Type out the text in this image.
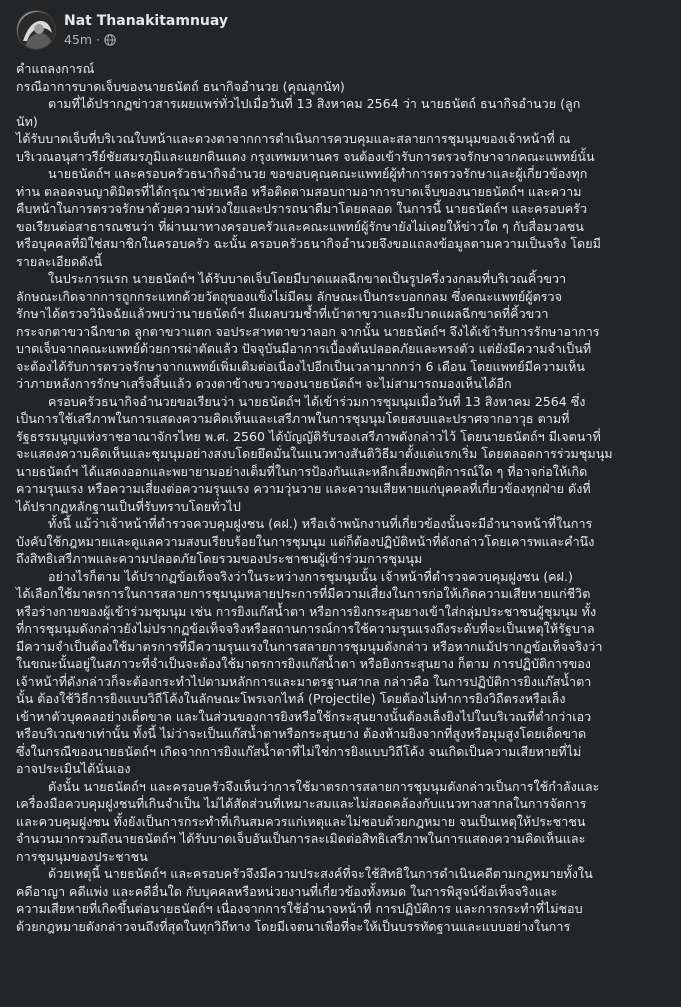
Nat Thanakitamnuay
45m ·

คำแถลงการณ์

กรณีอาการบาดเจ็บของนายธนัตถ์ ธนากิจอำนวย (คุณลูกนัท)

ตามที่ได้ปรากฏข่าวสารเผยแพร่ทั่วไปเมื่อวันที่ 13 สิงหาคม 2564 ว่า นายธนัตถ์ ธนากิจอำนวย (ลูก

นัท)

ได้รับบาดเจ็บที่บริเวณใบหน้าและดวงตาจากการดำเนินการควบคุมและสลายการชุมนุมของเจ้าหน้าที่ ณ

บริเวณอนุสาวรีย์ชัยสมรภูมิและแยกดินแดง กรุงเทพมหานคร จนต้องเข้ารับการตรวจรักษาจากคณะแพทย์นั้น

นายธนัตถ์ฯ และครอบครัวธนากิจอำนวย ขอขอบคุณคณะแพทย์ผู้ทำการตรวจรักษาและผู้เกี่ยวข้องทุก

ท่าน ตลอดจนญาติมิตรที่ได้กรุณาช่วยเหลือ หรือติดตามสอบถามอาการบาดเจ็บของนายธนัตถ์ฯ และความ

คืบหน้าในการตรวจรักษาด้วยความห่วงใยและปรารถนาดีมาโดยตลอด ในการนี้ นายธนัตถ์ฯ และครอบครัว

ขอเรียนต่อสาธารณชนว่า ที่ผ่านมาทางครอบครัวและคณะแพทย์ผู้รักษายังไม่เคยให้ข่าวใด ๆ กับสื่อมวลชน

หรือบุคคลที่มิใช่สมาชิกในครอบครัว ฉะนั้น ครอบครัวธนากิจอำนวยจึงขอแถลงข้อมูลตามความเป็นจริง โดยมี

รายละเอียดดังนี้

ในประการแรก นายธนัตถ์ฯ ได้รับบาดเจ็บโดยมีบาดแผลฉีกขาดเป็นรูปครึ่งวงกลมที่บริเวณคิ้วขวา

ลักษณะเกิดจากการถูกกระแทกด้วยวัตถุของแข็งไม่มีคม ลักษณะเป็นกระบอกกลม ซึ่งคณะแพทย์ผู้ตรวจ

รักษาได้ตรวจวินิจฉัยแล้วพบว่านายธนัตถ์ฯ มีแผลบวมช้ำที่เบ้าตาขวาและมีบาดแผลฉีกขาดที่คิ้วขวา

กระจกตาขวาฉีกขาด ลูกตาขวาแตก จอประสาทตาขวาลอก จากนั้น นายธนัตถ์ฯ จึงได้เข้ารับการรักษาอาการ

บาดเจ็บจากคณะแพทย์ด้วยการผ่าตัดแล้ว ปัจจุบันมีอาการเบื้องต้นปลอดภัยและทรงตัว แต่ยังมีความจำเป็นที่

จะต้องได้รับการตรวจรักษาจากแพทย์เพิ่มเติมต่อเนื่องไปอีกเป็นเวลามากกว่า 6 เดือน โดยแพทย์มีความเห็น

ว่าภายหลังการรักษาเสร็จสิ้นแล้ว ดวงตาข้างขวาของนายธนัตถ์ฯ จะไม่สามารถมองเห็นได้อีก

ครอบครัวธนากิจอำนวยขอเรียนว่า นายธนัตถ์ฯ ได้เข้าร่วมการชุมนุมเมื่อวันที่ 13 สิงหาคม 2564 ซึ่ง

เป็นการใช้เสรีภาพในการแสดงความคิดเห็นและเสรีภาพในการชุมนุมโดยสงบและปราศจากอาวุธ ตามที่

รัฐธรรมนูญแห่งราชอาณาจักรไทย พ.ศ. 2560 ได้บัญญัติรับรองเสรีภาพดังกล่าวไว้ โดยนายธนัตถ์ฯ มีเจตนาที่

จะแสดงความคิดเห็นและชุมนุมอย่างสงบโดยยึดมั่นในแนวทางสันติวิธีมาตั้งแต่แรกเริ่ม โดยตลอดการร่วมชุมนุม

นายธนัตถ์ฯ ได้แสดงออกและพยายามอย่างเต็มที่ในการป้องกันและหลีกเลี่ยงพฤติการณ์ใด ๆ ที่อาจก่อให้เกิด

ความรุนแรง หรือความเสี่ยงต่อความรุนแรง ความวุ่นวาย และความเสียหายแก่บุคคลที่เกี่ยวข้องทุกฝ่าย ดังที่

ได้ปรากฏหลักฐานเป็นที่รับทราบโดยทั่วไป

ทั้งนี้ แม้ว่าเจ้าหน้าที่ตำรวจควบคุมฝูงชน (คฝ.) หรือเจ้าพนักงานที่เกี่ยวข้องนั้นจะมีอำนาจหน้าที่ในการ

บังคับใช้กฎหมายและดูแลความสงบเรียบร้อยในการชุมนุม แต่ก็ต้องปฏิบัติหน้าที่ดังกล่าวโดยเคารพและคำนึง

ถึงสิทธิเสรีภาพและความปลอดภัยโดยรวมของประชาชนผู้เข้าร่วมการชุมนุม

อย่างไรก็ตาม ได้ปรากฏข้อเท็จจริงว่าในระหว่างการชุมนุมนั้น เจ้าหน้าที่ตำรวจควบคุมฝูงชน (คฝ.)

ได้เลือกใช้มาตรการในการสลายการชุมนุมหลายประการที่มีความเสี่ยงในการก่อให้เกิดความเสียหายแก่ชีวิต

หรือร่างกายของผู้เข้าร่วมชุมนุม เช่น การยิงแก๊สน้ำตา หรือการยิงกระสุนยางเข้าใส่กลุ่มประชาชนผู้ชุมนุม ทั้ง

ที่การชุมนุมดังกล่าวยังไม่ปรากฏข้อเท็จจริงหรือสถานการณ์การใช้ความรุนแรงถึงระดับที่จะเป็นเหตุให้รัฐบาล

มีความจำเป็นต้องใช้มาตรการที่มีความรุนแรงในการสลายการชุมนุมดังกล่าว หรือหากแม้ปรากฏข้อเท็จจริงว่า

ในขณะนั้นอยู่ในสภาวะที่จำเป็นจะต้องใช้มาตรการยิงแก๊สน้ำตา หรือยิงกระสุนยาง ก็ตาม การปฏิบัติการของ

เจ้าหน้าที่ดังกล่าวก็จะต้องกระทำไปตามหลักการและมาตรฐานสากล กล่าวคือ ในการปฏิบัติการยิงแก๊สน้ำตา

นั้น ต้องใช้วิธีการยิงแบบวิถีโค้งในลักษณะโพรเจกไทล์ (Projectile) โดยต้องไม่ทำการยิงวิถีตรงหรือเล็ง

เข้าหาตัวบุคคลอย่างเด็ดขาด และในส่วนของการยิงหรือใช้กระสุนยางนั้นต้องเล็งยิงไปในบริเวณที่ต่ำกว่าเอว

หรือบริเวณขาเท่านั้น ทั้งนี้ ไม่ว่าจะเป็นแก๊สน้ำตาหรือกระสุนยาง ต้องห้ามยิงจากที่สูงหรือมุมสูงโดยเด็ดขาด

ซึ่งในกรณีของนายธนัตถ์ฯ เกิดจากการยิงแก๊สน้ำตาที่ไม่ใช่การยิงแบบวิถีโค้ง จนเกิดเป็นความเสียหายที่ไม่

อาจประเมินได้นั่นเอง

ดังนั้น นายธนัตถ์ฯ และครอบครัวจึงเห็นว่าการใช้มาตรการสลายการชุมนุมดังกล่าวเป็นการใช้กำลังและ

เครื่องมือควบคุมฝูงชนที่เกินจำเป็น ไม่ได้สัดส่วนที่เหมาะสมและไม่สอดคล้องกับแนวทางสากลในการจัดการ

และควบคุมฝูงชน ทั้งยังเป็นการกระทำที่เกินสมควรแก่เหตุและไม่ชอบด้วยกฎหมาย จนเป็นเหตุให้ประชาชน

จำนวนมากรวมถึงนายธนัตถ์ฯ ได้รับบาดเจ็บอันเป็นการละเมิดต่อสิทธิเสรีภาพในการแสดงความคิดเห็นและ

การชุมนุมของประชาชน

ด้วยเหตุนี้ นายธนัตถ์ฯ และครอบครัวจึงมีความประสงค์ที่จะใช้สิทธิในการดำเนินคดีตามกฎหมายทั้งใน

คดีอาญา คดีแพ่ง และคดีอื่นใด กับบุคคลหรือหน่วยงานที่เกี่ยวข้องทั้งหมด ในการพิสูจน์ข้อเท็จจริงและ

ความเสียหายที่เกิดขึ้นต่อนายธนัตถ์ฯ เนื่องจากการใช้อำนาจหน้าที่ การปฏิบัติการ และการกระทำที่ไม่ชอบ

ด้วยกฎหมายดังกล่าวจนถึงที่สุดในทุกวิถีทาง โดยมีเจตนาเพื่อที่จะให้เป็นบรรทัดฐานและแบบอย่างในการ
